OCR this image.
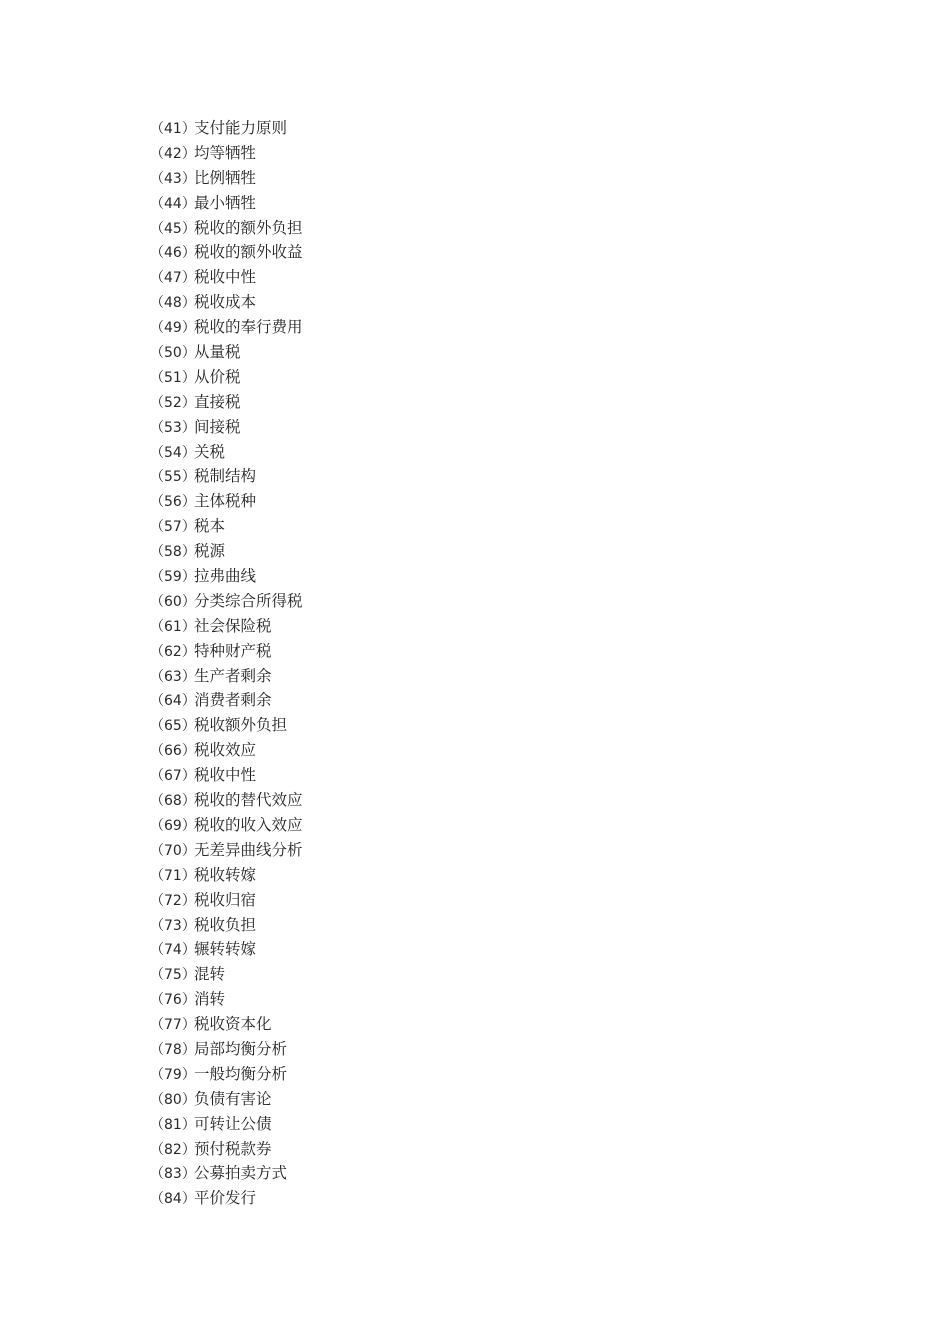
（41）支付能力原则
（42）均等牺牲
（43）比例牺牲
（44）最小牺牲
（45）税收的额外负担
（46）税收的额外收益
（47）税收中性
（48）税收成本
（49）税收的奉行费用
（50）从量税
（51）从价税
（52）直接税
（53）间接税
（54）关税
（55）税制结构
（56）主体税种
（57）税本
（58）税源
（59）拉弗曲线
（60）分类综合所得税
（61）社会保险税
（62）特种财产税
（63）生产者剩余
（64）消费者剩余
（65）税收额外负担
（66）税收效应
（67）税收中性
（68）税收的替代效应
（69）税收的收入效应
（70）无差异曲线分析
（71）税收转嫁
（72）税收归宿
（73）税收负担
（74）辗转转嫁
（75）混转
（76）消转
（77）税收资本化
（78）局部均衡分析
（79）一般均衡分析
（80）负债有害论
（81）可转让公债
（82）预付税款券
（83）公募拍卖方式
（84）平价发行
